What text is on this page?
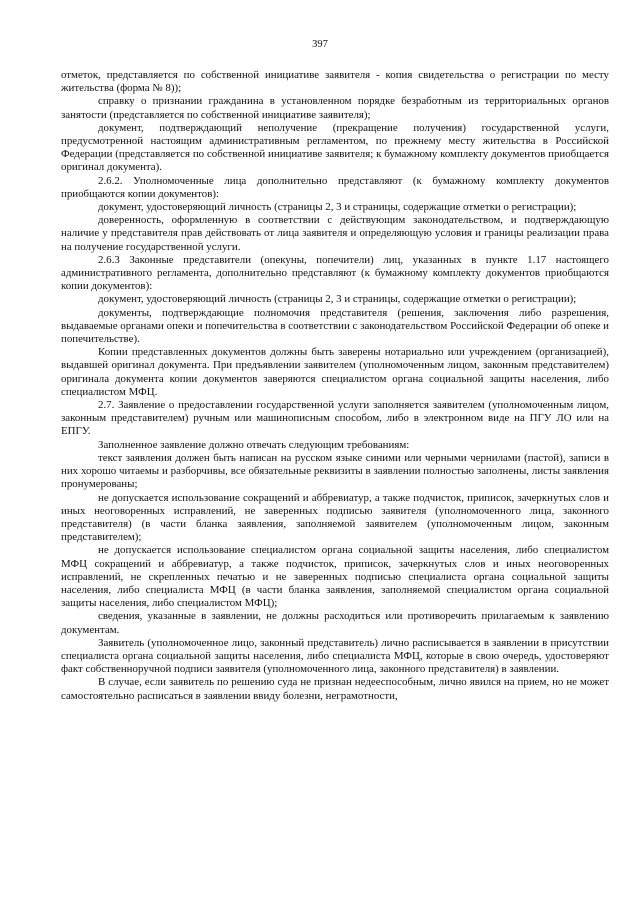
397

отметок, представляется по собственной инициативе заявителя - копия свидетельства о регистрации по месту жительства (форма № 8));

справку о признании гражданина в установленном порядке безработным из территориальных органов занятости (представляется по собственной инициативе заявителя);

документ, подтверждающий неполучение (прекращение получения) государственной услуги, предусмотренной настоящим административным регламентом, по прежнему месту жительства в Российской Федерации (представляется по собственной инициативе заявителя; к бумажному комплекту документов приобщается оригинал документа).

2.6.2. Уполномоченные лица дополнительно представляют (к бумажному комплекту документов приобщаются копии документов):

документ, удостоверяющий личность (страницы 2, 3 и страницы, содержащие отметки о регистрации);

доверенность, оформленную в соответствии с действующим законодательством, и подтверждающую наличие у представителя прав действовать от лица заявителя и определяющую условия и границы реализации права на получение государственной услуги.

2.6.3 Законные представители (опекуны, попечители) лиц, указанных в пункте 1.17 настоящего административного регламента, дополнительно представляют (к бумажному комплекту документов приобщаются копии документов):

документ, удостоверяющий личность (страницы 2, 3 и страницы, содержащие отметки о регистрации);

документы, подтверждающие полномочия представителя (решения, заключения либо разрешения, выдаваемые органами опеки и попечительства в соответствии с законодательством Российской Федерации об опеке и попечительстве).

Копии представленных документов должны быть заверены нотариально или учреждением (организацией), выдавшей оригинал документа. При предъявлении заявителем (уполномоченным лицом, законным представителем) оригинала документа копии документов заверяются специалистом органа социальной защиты населения, либо специалистом МФЦ.

2.7. Заявление о предоставлении государственной услуги заполняется заявителем (уполномоченным лицом, законным представителем) ручным или машинописным способом, либо в электронном виде на ПГУ ЛО или на ЕПГУ.

Заполненное заявление должно отвечать следующим требованиям:

текст заявления должен быть написан на русском языке синими или черными чернилами (пастой), записи в них хорошо читаемы и разборчивы, все обязательные реквизиты в заявлении полностью заполнены, листы заявления пронумерованы;

не допускается использование сокращений и аббревиатур, а также подчисток, приписок, зачеркнутых слов и иных неоговоренных исправлений, не заверенных подписью заявителя (уполномоченного лица, законного представителя) (в части бланка заявления, заполняемой заявителем (уполномоченным лицом, законным представителем);

не допускается использование специалистом органа социальной защиты населения, либо специалистом МФЦ сокращений и аббревиатур, а также подчисток, приписок, зачеркнутых слов и иных неоговоренных исправлений, не скрепленных печатью и не заверенных подписью специалиста органа социальной защиты населения, либо специалиста МФЦ (в части бланка заявления, заполняемой специалистом органа социальной защиты населения, либо специалистом МФЦ);

сведения, указанные в заявлении, не должны расходиться или противоречить прилагаемым к заявлению документам.

Заявитель (уполномоченное лицо, законный представитель) лично расписывается в заявлении в присутствии специалиста органа социальной защиты населения, либо специалиста МФЦ, которые в свою очередь, удостоверяют факт собственноручной подписи заявителя (уполномоченного лица, законного представителя) в заявлении.

В случае, если заявитель по решению суда не признан недееспособным, лично явился на прием, но не может самостоятельно расписаться в заявлении ввиду болезни, неграмотности,
